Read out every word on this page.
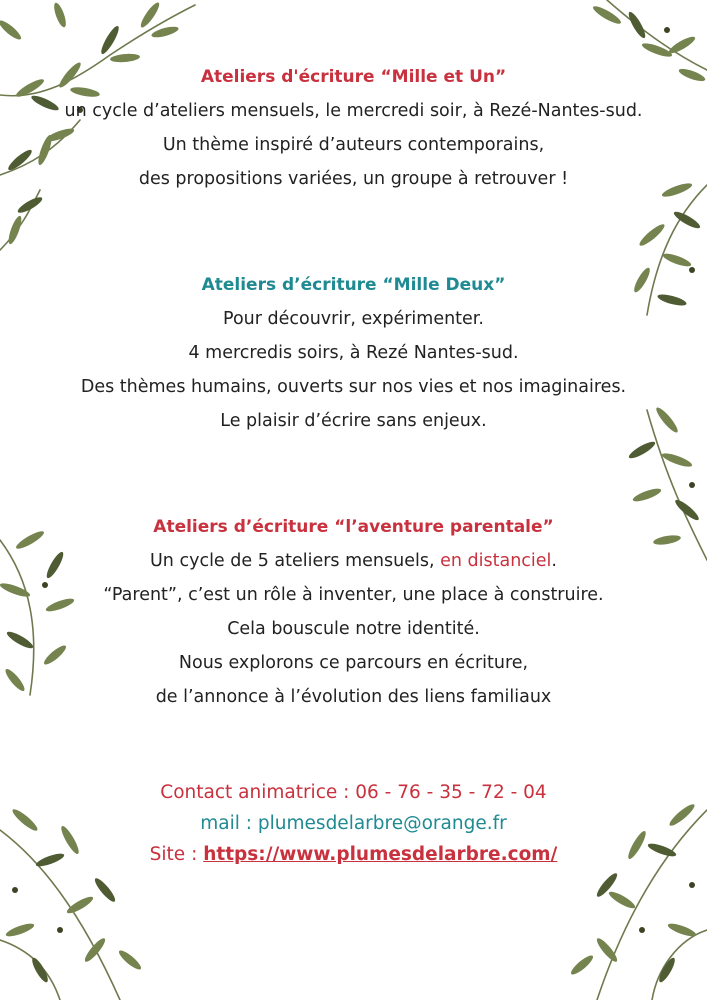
Ateliers d'écriture “Mille et Un”
un cycle d’ateliers mensuels, le mercredi soir, à Rezé-Nantes-sud.
Un thème inspiré d’auteurs contemporains,
des propositions variées, un groupe à retrouver !
Ateliers d’écriture “Mille Deux”
Pour découvrir, expérimenter.
4 mercredis soirs, à Rezé Nantes-sud.
Des thèmes humains, ouverts sur nos vies et nos imaginaires.
Le plaisir d’écrire sans enjeux.
Ateliers d’écriture “l’aventure parentale”
Un cycle de 5 ateliers mensuels, en distanciel.
“Parent”, c’est un rôle à inventer, une place à construire.
Cela bouscule notre identité.
Nous explorons ce parcours en écriture,
de l’annonce à l’évolution des liens familiaux
Contact animatrice : 06 - 76 - 35 - 72 - 04
mail : plumesdelarbre@orange.fr
Site : https://www.plumesdelarbre.com/
